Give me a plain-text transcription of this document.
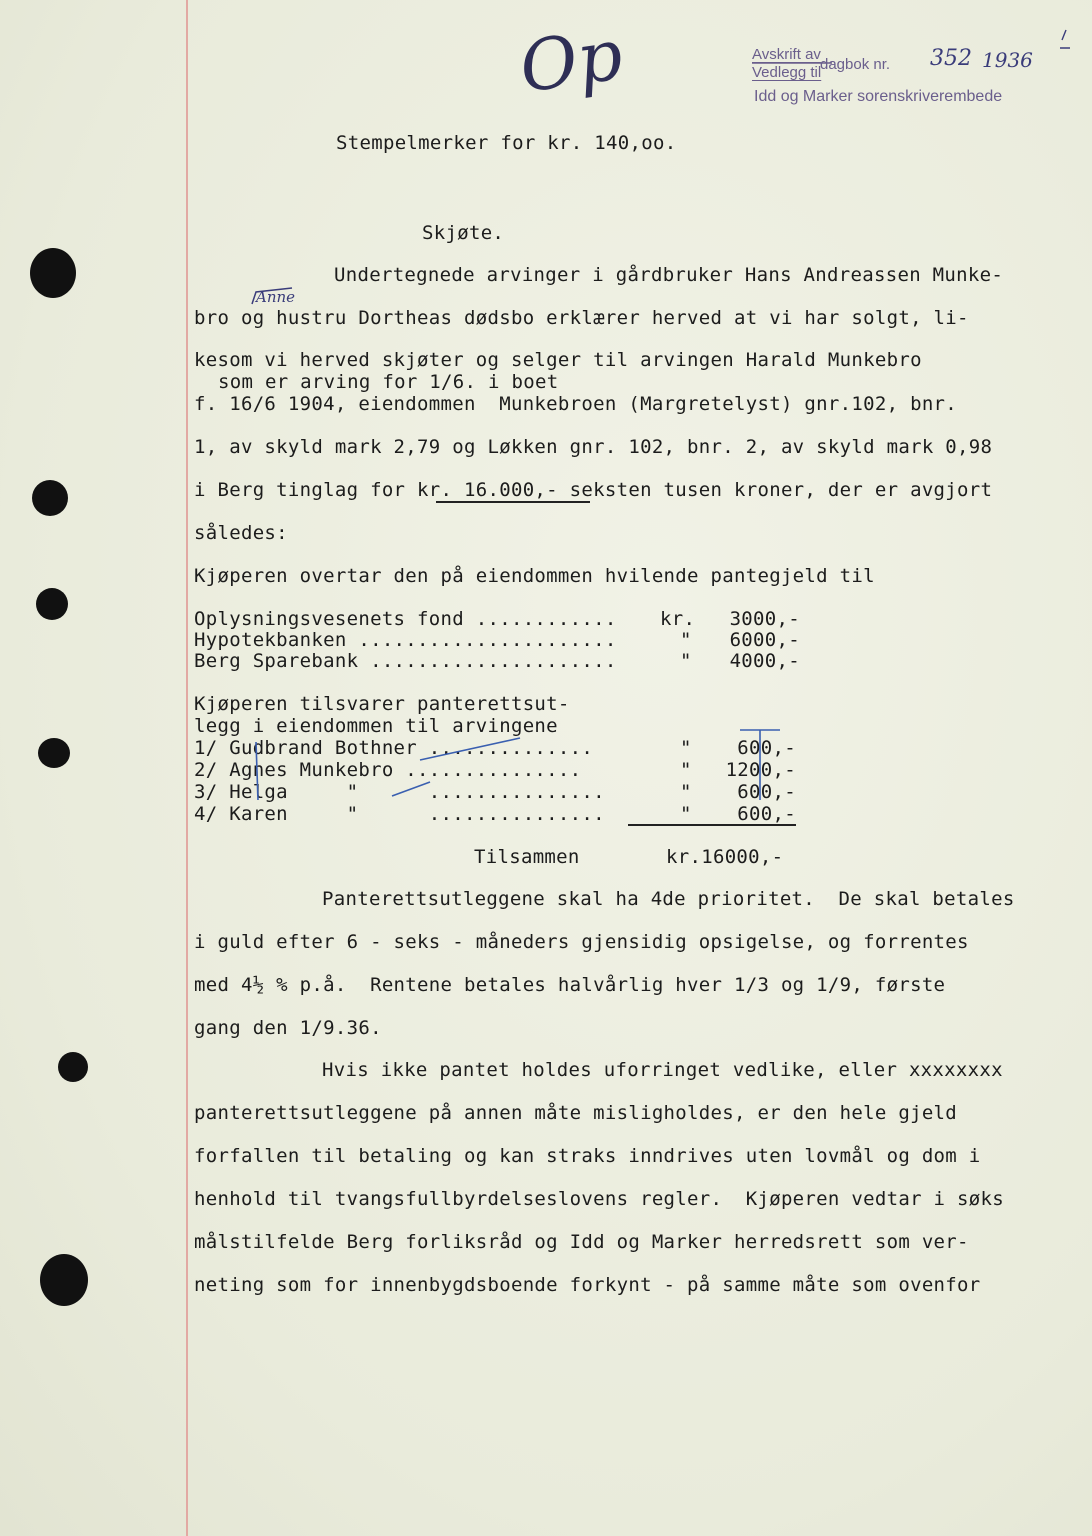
Avskrift av
Vedlegg til
dagbok nr.
Idd og Marker sorenskriverembede
352 1936
Op
Anne
Stempelmerker for kr. 140,oo.
Skjøte.
Undertegnede arvinger i gårdbruker Hans Andreassen Munke-
bro og hustru Dortheas dødsbo erklærer herved at vi har solgt, li-
kesom vi herved skjøter og selger til arvingen Harald Munkebro
som er arving for 1/6. i boet
f. 16/6 1904, eiendommen  Munkebroen (Margretelyst) gnr.102, bnr.
1, av skyld mark 2,79 og Løkken gnr. 102, bnr. 2, av skyld mark 0,98
i Berg tinglag for kr. 16.000,- seksten tusen kroner, der er avgjort
således:
Kjøperen overtar den på eiendommen hvilende pantegjeld til
Oplysningsvesenets fond ............ kr.	3000,-
Hypotekbanken ......................	"	6000,-
Berg Sparebank .....................	"	4000,-
Kjøperen tilsvarer panterettsut-
legg i eiendommen til arvingene
1/ Gudbrand Bothner ..............	"	600,-
2/ Agnes Munkebro ...............	"	1200,-
3/ Helga     "      ...............	"	600,-
4/ Karen     "      ...............	"	600,-
Tilsammen	kr.16000,-
Panterettsutleggene skal ha 4de prioritet.  De skal betales
i guld efter 6 - seks - måneders gjensidig opsigelse, og forrentes
med 4½ % p.å.  Rentene betales halvårlig hver 1/3 og 1/9, første
gang den 1/9.36.
Hvis ikke pantet holdes uforringet vedlike, eller xxxxxxxx
panterettsutleggene på annen måte misligholdes, er den hele gjeld
forfallen til betaling og kan straks inndrives uten lovmål og dom i
henhold til tvangsfullbyrdelseslovens regler.  Kjøperen vedtar i søks
målstilfelde Berg forliksråd og Idd og Marker herredsrett som ver-
neting som for innenbygdsboende forkynt - på samme måte som ovenfor
